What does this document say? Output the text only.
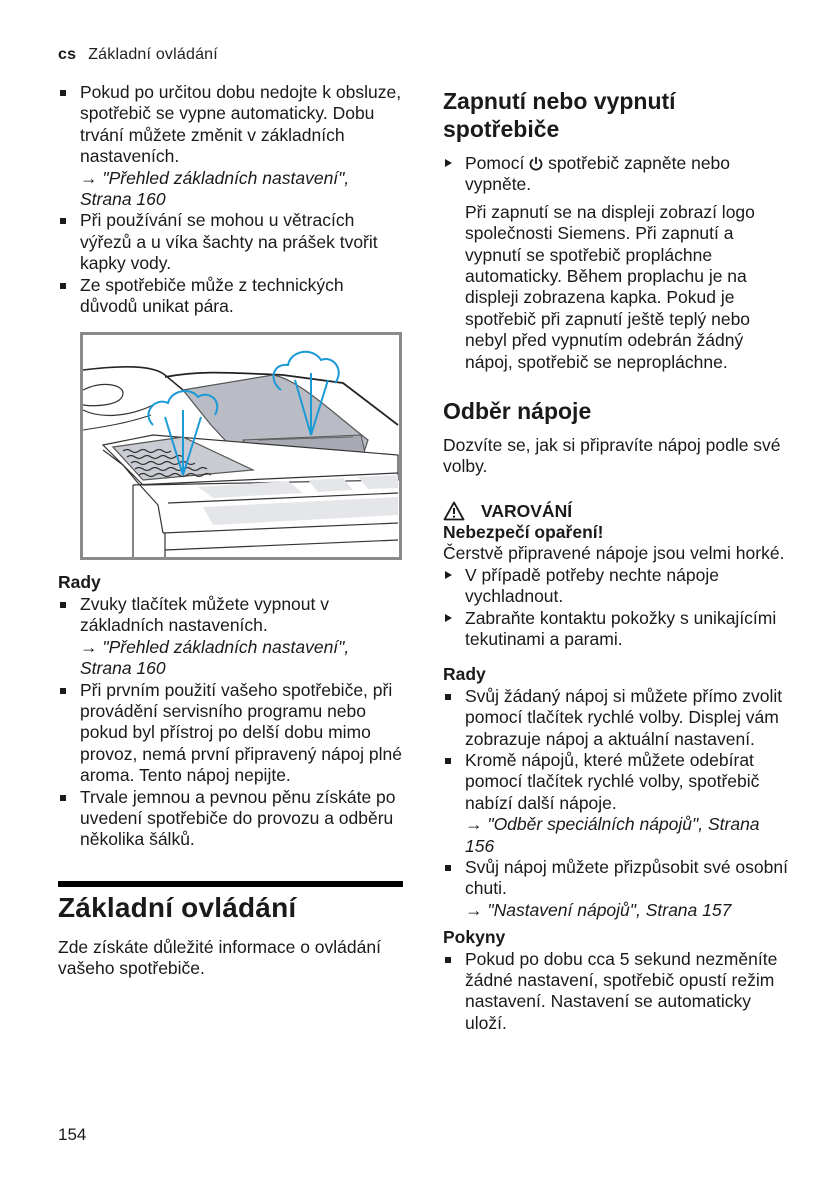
cs Základní ovládání
Pokud po určitou dobu nedojte k obsluze, spotřebič se vypne automaticky. Dobu trvání můžete změnit v základních nastaveních.
→ "Přehled základních nastavení", Strana 160
Při používání se mohou u větracích výřezů a u víka šachty na prášek tvořit kapky vody.
Ze spotřebiče může z technických důvodů unikat pára.
Rady
Zvuky tlačítek můžete vypnout v základních nastaveních.
→ "Přehled základních nastavení", Strana 160
Při prvním použití vašeho spotřebiče, při provádění servisního programu nebo pokud byl přístroj po delší dobu mimo provoz, nemá první připravený nápoj plné aroma. Tento nápoj nepijte.
Trvale jemnou a pevnou pěnu získáte po uvedení spotřebiče do provozu a odběru několika šálků.
Základní ovládání
Zde získáte důležité informace o ovládání vašeho spotřebiče.
Zapnutí nebo vypnutí spotřebiče
Pomocí spotřebič zapněte nebo vypněte.
Při zapnutí se na displeji zobrazí logo společnosti Siemens. Při zapnutí a vypnutí se spotřebič propláchne automaticky. Během proplachu je na displeji zobrazena kapka. Pokud je spotřebič při zapnutí ještě teplý nebo nebyl před vypnutím odebrán žádný nápoj, spotřebič se nepropláchne.
Odběr nápoje
Dozvíte se, jak si připravíte nápoj podle své volby.
VAROVÁNÍ
Nebezpečí opaření!
Čerstvě připravené nápoje jsou velmi horké.
V případě potřeby nechte nápoje vychladnout.
Zabraňte kontaktu pokožky s unikajícími tekutinami a parami.
Rady
Svůj žádaný nápoj si můžete přímo zvolit pomocí tlačítek rychlé volby. Displej vám zobrazuje nápoj a aktuální nastavení.
Kromě nápojů, které můžete odebírat pomocí tlačítek rychlé volby, spotřebič nabízí další nápoje.
→ "Odběr speciálních nápojů", Strana 156
Svůj nápoj můžete přizpůsobit své osobní chuti.
→ "Nastavení nápojů", Strana 157
Pokyny
Pokud po dobu cca 5 sekund nezměníte žádné nastavení, spotřebič opustí režim nastavení. Nastavení se automaticky uloží.
154
